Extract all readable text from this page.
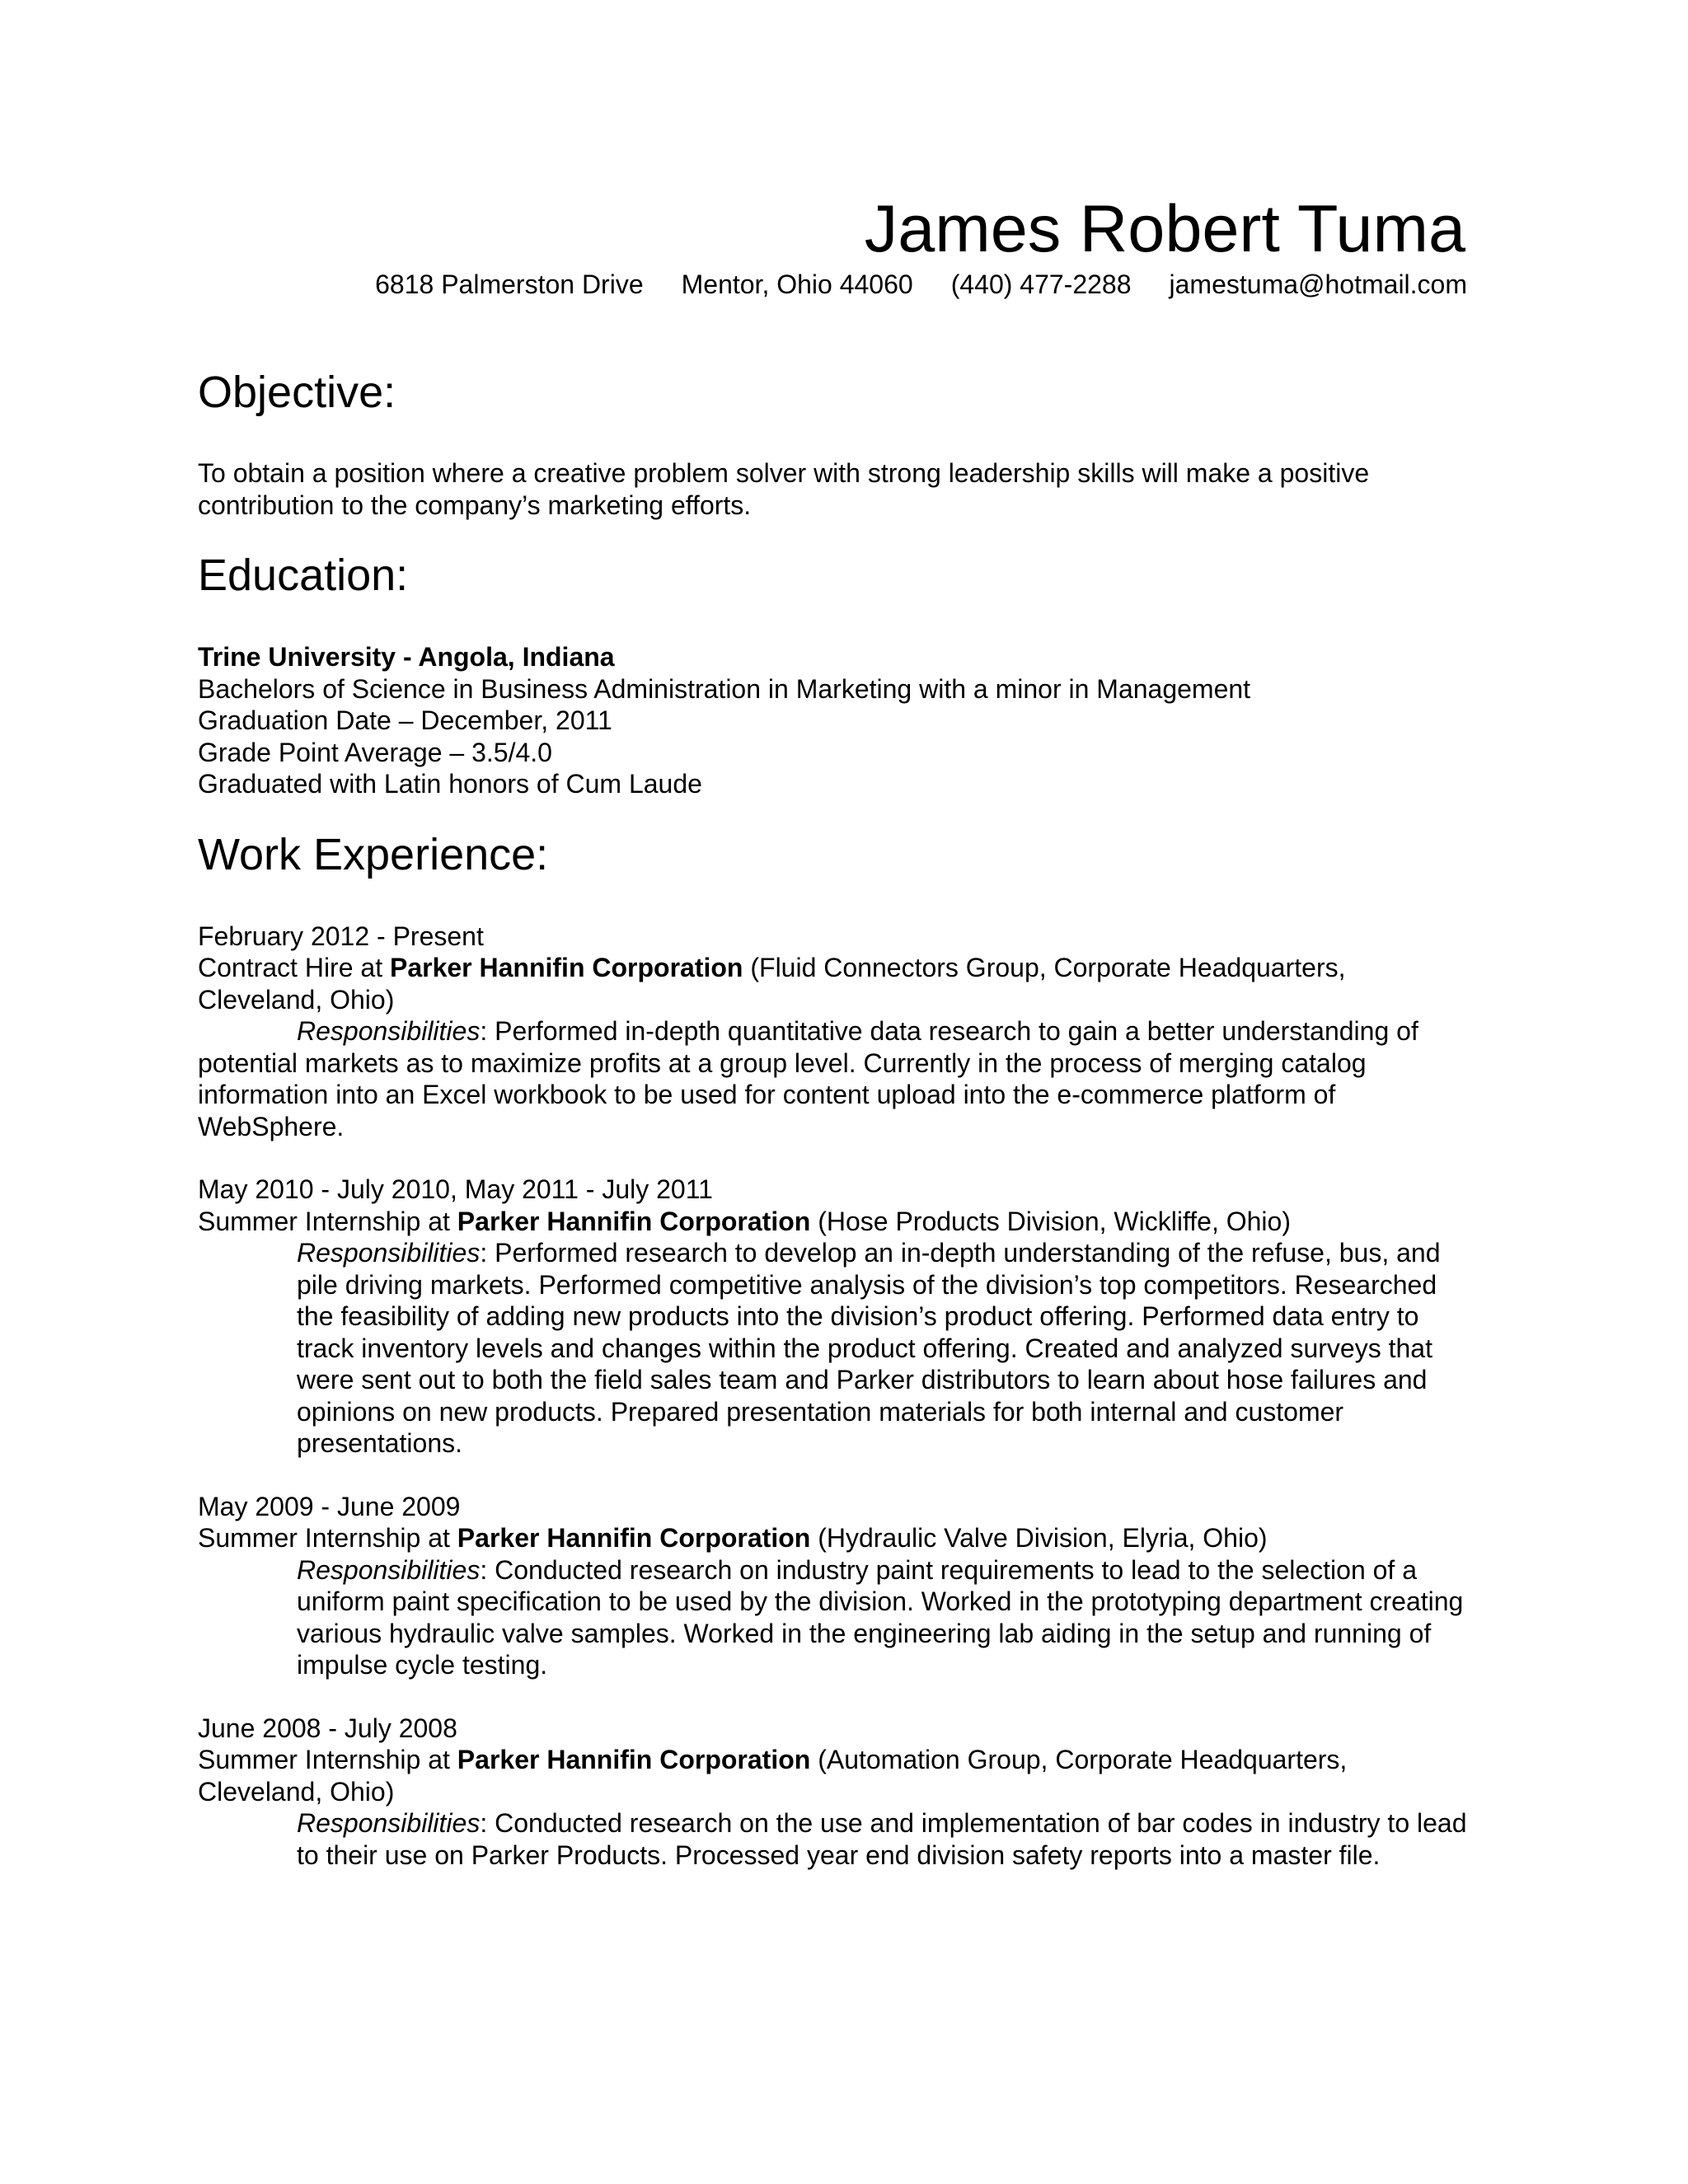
James Robert Tuma
6818 Palmerston Drive Mentor, Ohio 44060 (440) 477-2288 jamestuma@hotmail.com
Objective:
To obtain a position where a creative problem solver with strong leadership skills will make a positive contribution to the company’s marketing efforts.
Education:
Trine University - Angola, Indiana
Bachelors of Science in Business Administration in Marketing with a minor in Management
Graduation Date – December, 2011
Grade Point Average – 3.5/4.0
Graduated with Latin honors of Cum Laude
Work Experience:
February 2012 - Present
Contract Hire at Parker Hannifin Corporation (Fluid Connectors Group, Corporate Headquarters, Cleveland, Ohio)
Responsibilities: Performed in-depth quantitative data research to gain a better understanding of potential markets as to maximize profits at a group level. Currently in the process of merging catalog information into an Excel workbook to be used for content upload into the e-commerce platform of WebSphere.
May 2010 - July 2010, May 2011 - July 2011
Summer Internship at Parker Hannifin Corporation (Hose Products Division, Wickliffe, Ohio)
Responsibilities: Performed research to develop an in-depth understanding of the refuse, bus, and pile driving markets. Performed competitive analysis of the division’s top competitors. Researched the feasibility of adding new products into the division’s product offering. Performed data entry to track inventory levels and changes within the product offering. Created and analyzed surveys that were sent out to both the field sales team and Parker distributors to learn about hose failures and opinions on new products. Prepared presentation materials for both internal and customer presentations.
May 2009 - June 2009
Summer Internship at Parker Hannifin Corporation (Hydraulic Valve Division, Elyria, Ohio)
Responsibilities: Conducted research on industry paint requirements to lead to the selection of a uniform paint specification to be used by the division. Worked in the prototyping department creating various hydraulic valve samples. Worked in the engineering lab aiding in the setup and running of impulse cycle testing.
June 2008 - July 2008
Summer Internship at Parker Hannifin Corporation (Automation Group, Corporate Headquarters, Cleveland, Ohio)
Responsibilities: Conducted research on the use and implementation of bar codes in industry to lead to their use on Parker Products. Processed year end division safety reports into a master file.
